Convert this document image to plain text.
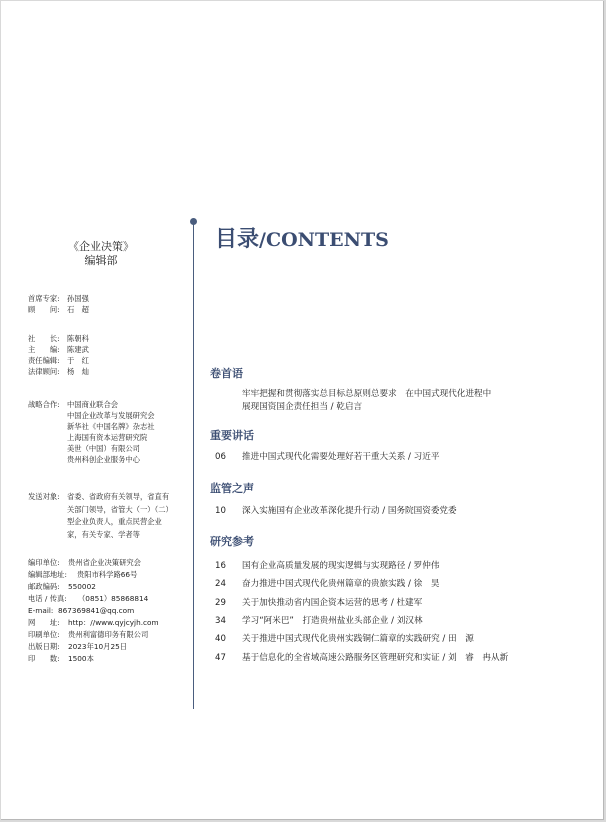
《企业决策》
编辑部
首席专家:	孙国强
顾　　问:	石　超
社　　长:	陈朝科
主　　编:	陈建武
责任编辑:	于　红
法律顾问:	杨　灿
战略合作:	中国商业联合会
中国企业改革与发展研究会
新华社《中国名牌》杂志社
上海国有资本运营研究院
美世（中国）有限公司
贵州科创企业服务中心
发送对象:	省委、省政府有关领导，省直有
关部门领导，省管大（一）（二）
型企业负责人，重点民营企业
家，有关专家、学者等
编印单位:	贵州省企业决策研究会
编辑部地址:	贵阳市科学路66号
邮政编码:	550002
电话 / 传真:	（0851）85868814
E-mail: 867369841@qq.com
网　　址:	http：//www.qyjcyjh.com
印刷单位:	贵州利富德印务有限公司
出版日期:	2023年10月25日
印　　数:	1500本
目录/CONTENTS
卷首语
牢牢把握和贯彻落实总目标总原则总要求　在中国式现代化进程中
展现国资国企责任担当 / 乾启言
重要讲话
06	推进中国式现代化需要处理好若干重大关系 / 习近平
监管之声
10	深入实施国有企业改革深化提升行动 / 国务院国资委党委
研究参考
16	国有企业高质量发展的现实逻辑与实现路径 / 罗仲伟
24	奋力推进中国式现代化贵州篇章的贵旅实践 / 徐　昊
29	关于加快推动省内国企资本运营的思考 / 杜建军
34	学习“阿米巴”　打造贵州盐业头部企业 / 刘汉林
40	关于推进中国式现代化贵州实践铜仁篇章的实践研究 / 田　源
47	基于信息化的全省域高速公路服务区管理研究和实证 / 刘　睿　冉从新
